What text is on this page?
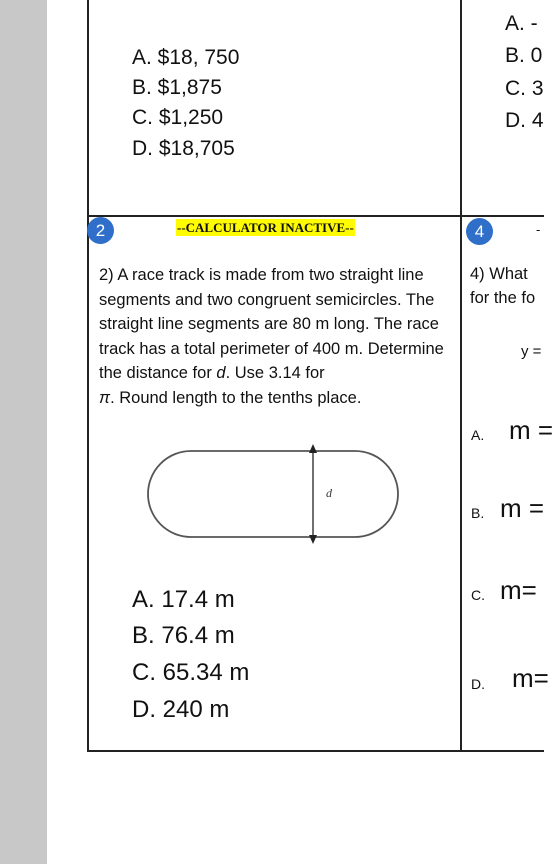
A. $18, 750
B. $1,875
C. $1,250
D. $18,705
A. -
B. 0
C. 3
D. 4
2	--CALCULATOR INACTIVE--
2) A race track is made from two straight line segments and two congruent semicircles. The straight line segments are 80 m long. The race track has a total perimeter of 400 m. Determine the distance for d. Use 3.14 for
π. Round length to the tenths place.
d
A. 17.4 m
B. 76.4 m
C. 65.34 m
D. 240 m
4	-
4) What
for the fo
y =
A. m =
B. m =
C. m=
D. m=
